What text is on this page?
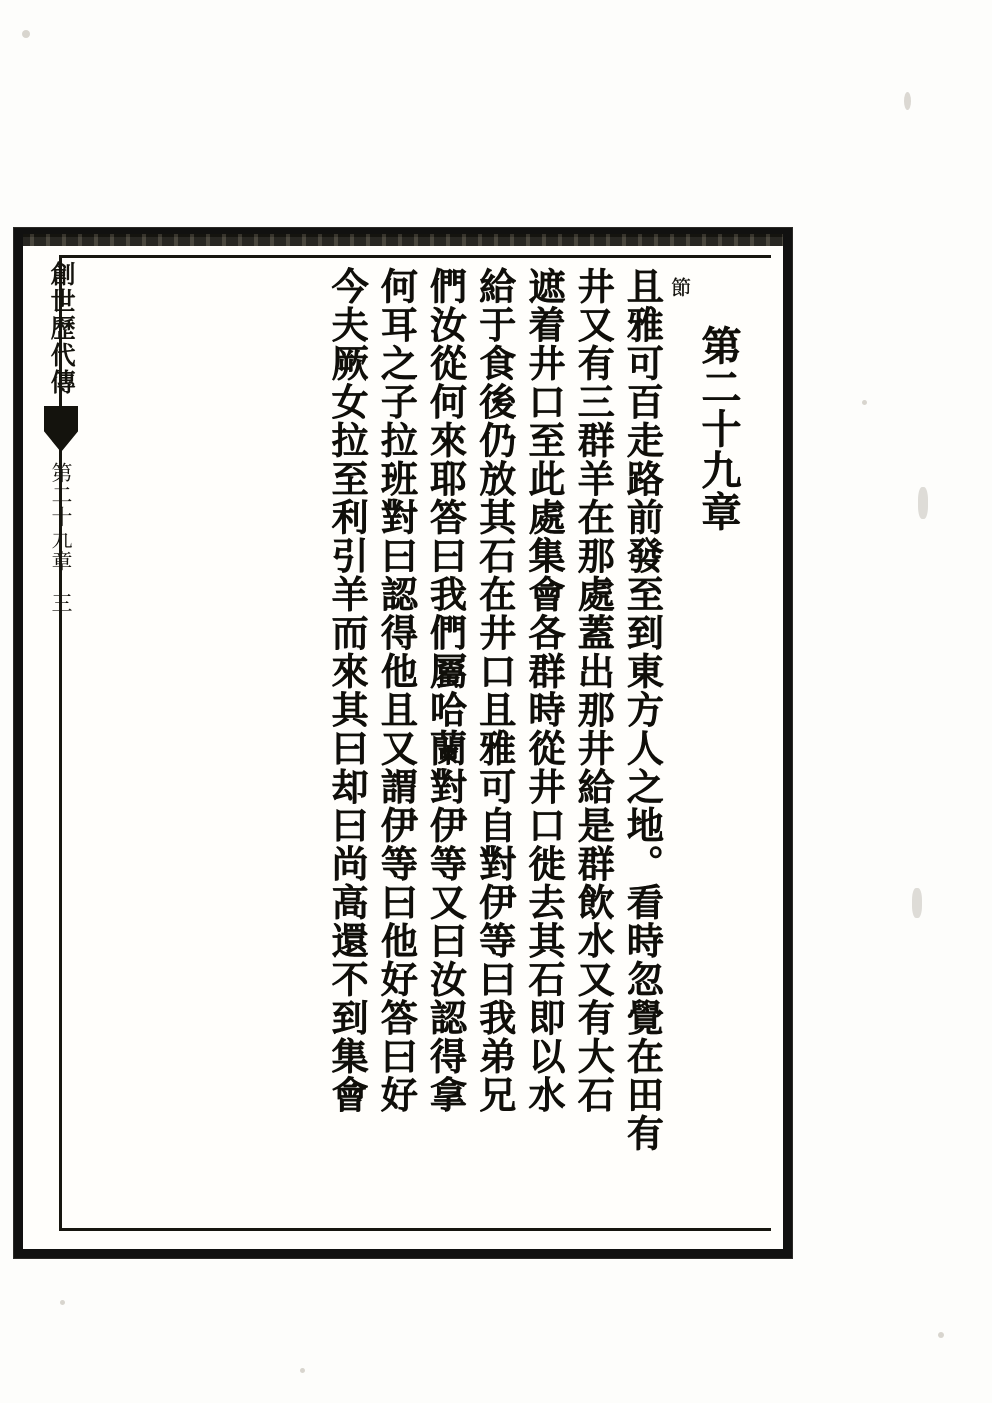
創世歷代傳
第二十九章
三
第二十九章
節
且雅可百走路前發至到東方人之地。看時忽覺在田有
井又有三群羊在那處蓋出那井給是群飲水又有大石
遮着井口至此處集會各群時從井口徙去其石即以水
給于食後仍放其石在井口且雅可自對伊等曰我弟兄
們汝從何來耶答曰我們屬哈蘭對伊等又曰汝認得拿
何耳之子拉班對曰認得他且又謂伊等曰他好答曰好
今夫厥女拉至利引羊而來其曰却曰尚高還不到集會
